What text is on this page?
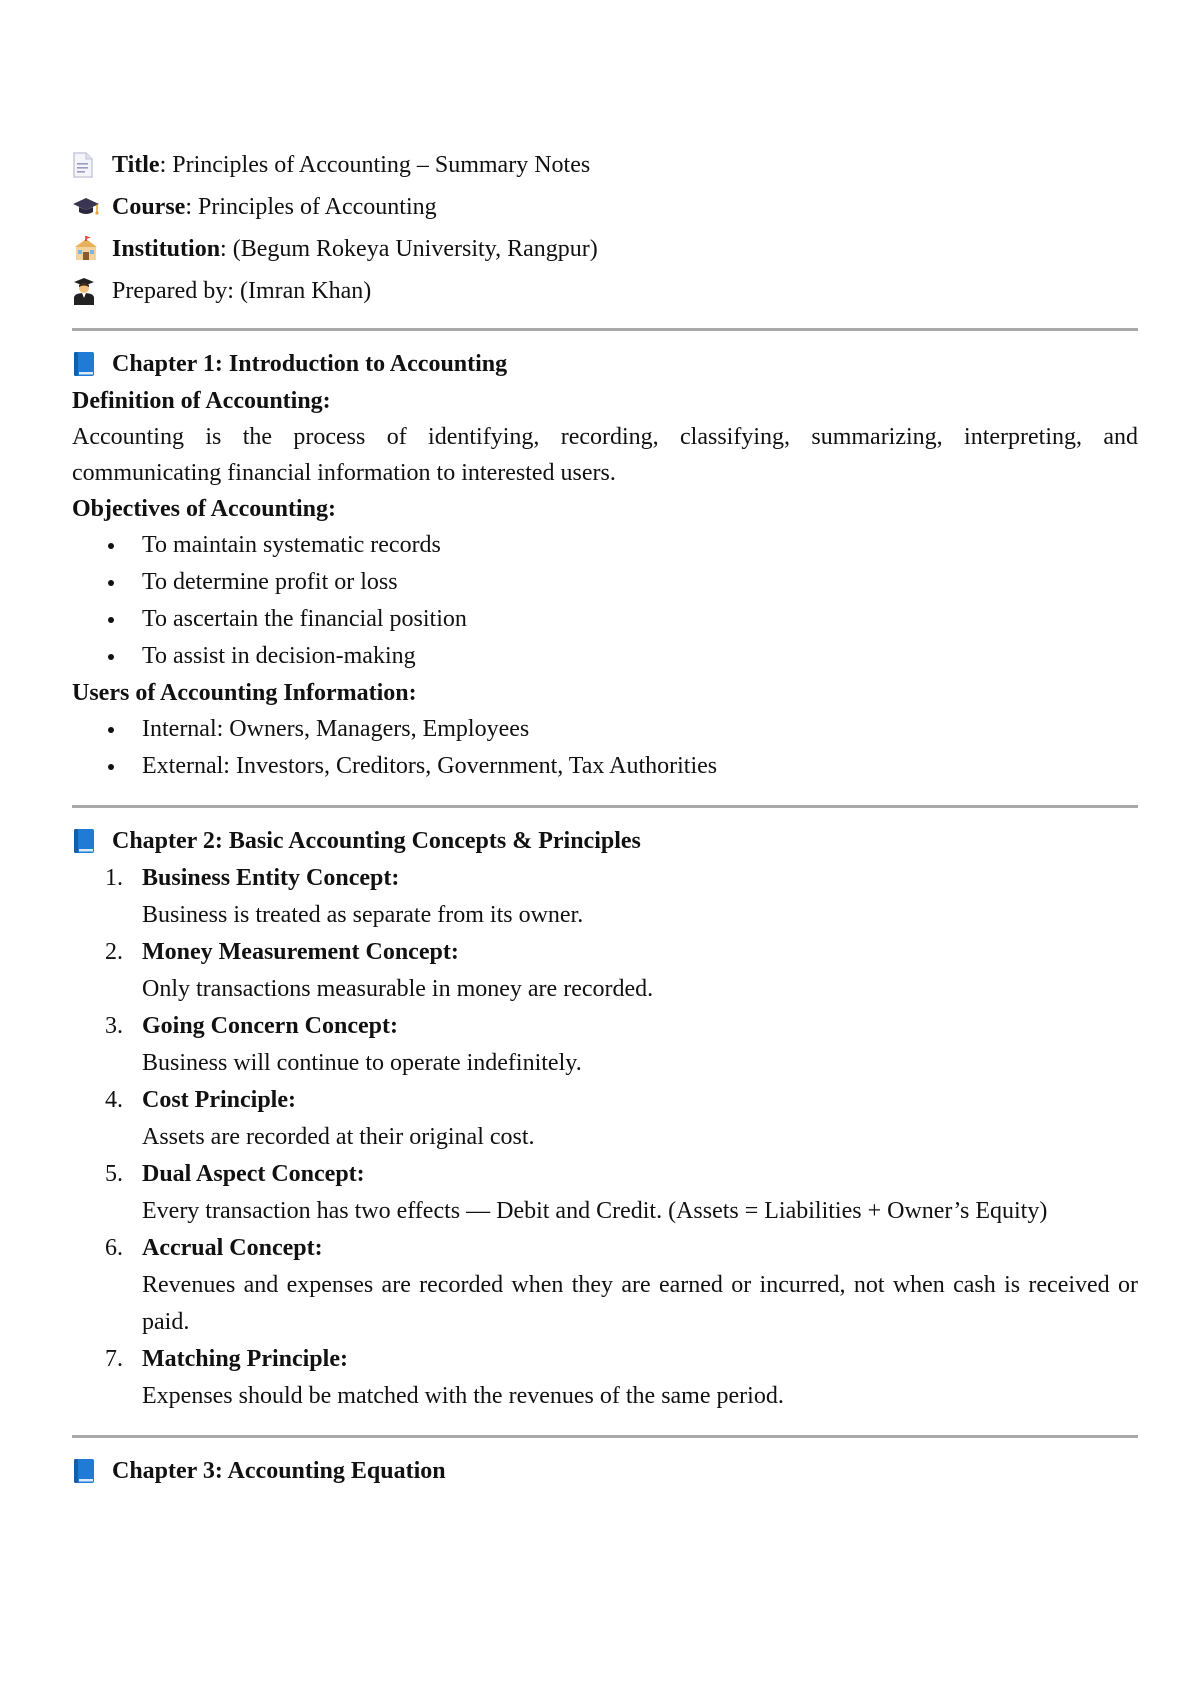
Title : Principles of Accounting – Summary Notes
Course : Principles of Accounting
Institution : (Begum Rokeya University, Rangpur)
Prepared by: (Imran Khan)
Chapter 1: Introduction to Accounting
Definition of Accounting:
Accounting is the process of identifying, recording, classifying, summarizing, interpreting, and communicating financial information to interested users.
Objectives of Accounting:
To maintain systematic records
To determine profit or loss
To ascertain the financial position
To assist in decision-making
Users of Accounting Information:
Internal: Owners, Managers, Employees
External: Investors, Creditors, Government, Tax Authorities
Chapter 2: Basic Accounting Concepts & Principles
1. Business Entity Concept:
Business is treated as separate from its owner.
2. Money Measurement Concept:
Only transactions measurable in money are recorded.
3. Going Concern Concept:
Business will continue to operate indefinitely.
4. Cost Principle:
Assets are recorded at their original cost.
5. Dual Aspect Concept:
Every transaction has two effects — Debit and Credit. (Assets = Liabilities + Owner’s Equity)
6. Accrual Concept:
Revenues and expenses are recorded when they are earned or incurred, not when cash is received or paid.
7. Matching Principle:
Expenses should be matched with the revenues of the same period.
Chapter 3: Accounting Equation
